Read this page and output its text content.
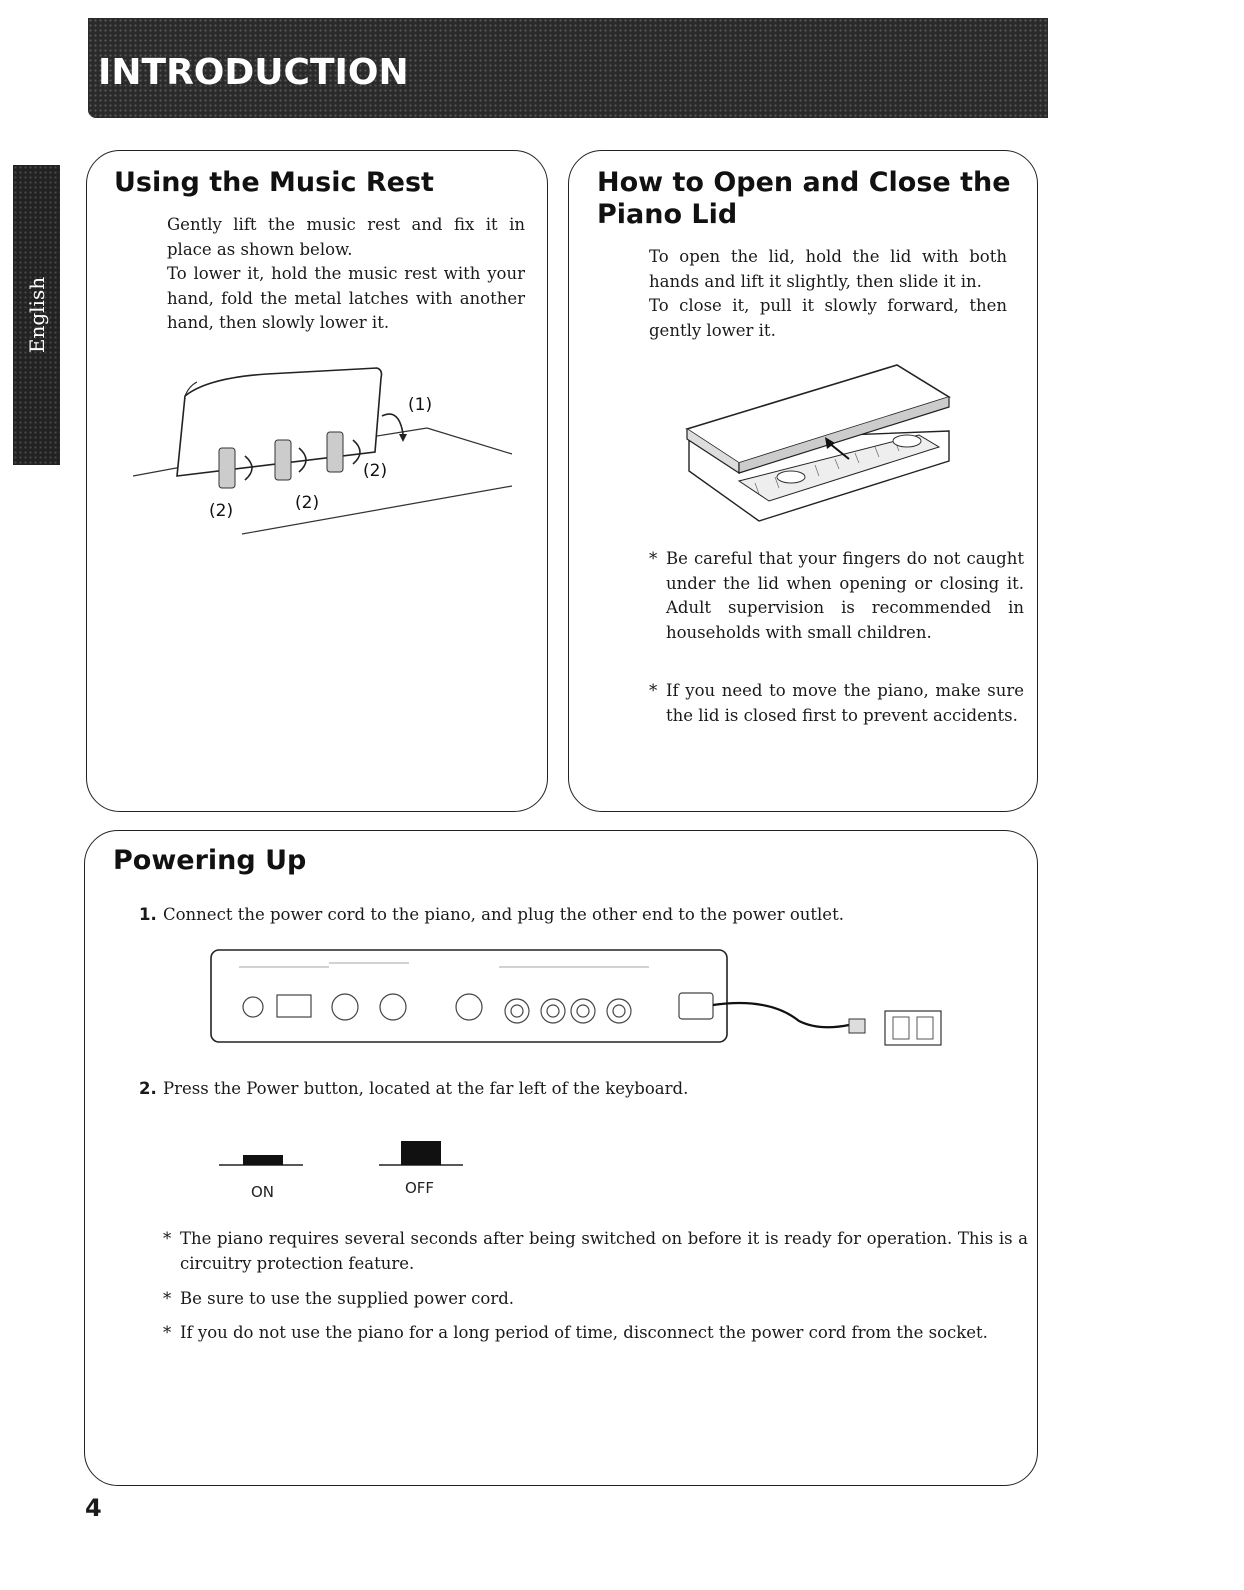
INTRODUCTION
English
Using the Music Rest

Gently lift the music rest and fix it in place as shown below.

To lower it, hold the music rest with your hand, fold the metal latches with another hand, then slowly lower it.

(1)
(2)	(2)
(2)
How to Open and Close the
Piano Lid

To open the lid, hold the lid with both hands and lift it slightly, then slide it in.

To close it, pull it slowly forward, then gently lower it.

* Be careful that your fingers do not caught under the lid when opening or closing it. Adult supervision is recommended in households with small children.
* If you need to move the piano, make sure the lid is closed first to prevent accidents.
Powering Up
1. Connect the power cord to the piano, and plug the other end to the power outlet.
2. Press the Power button, located at the far left of the keyboard.
ON	OFF
* The piano requires several seconds after being switched on before it is ready for operation. This is a circuitry protection feature.
* Be sure to use the supplied power cord.
* If you do not use the piano for a long period of time, disconnect the power cord from the socket.
4
